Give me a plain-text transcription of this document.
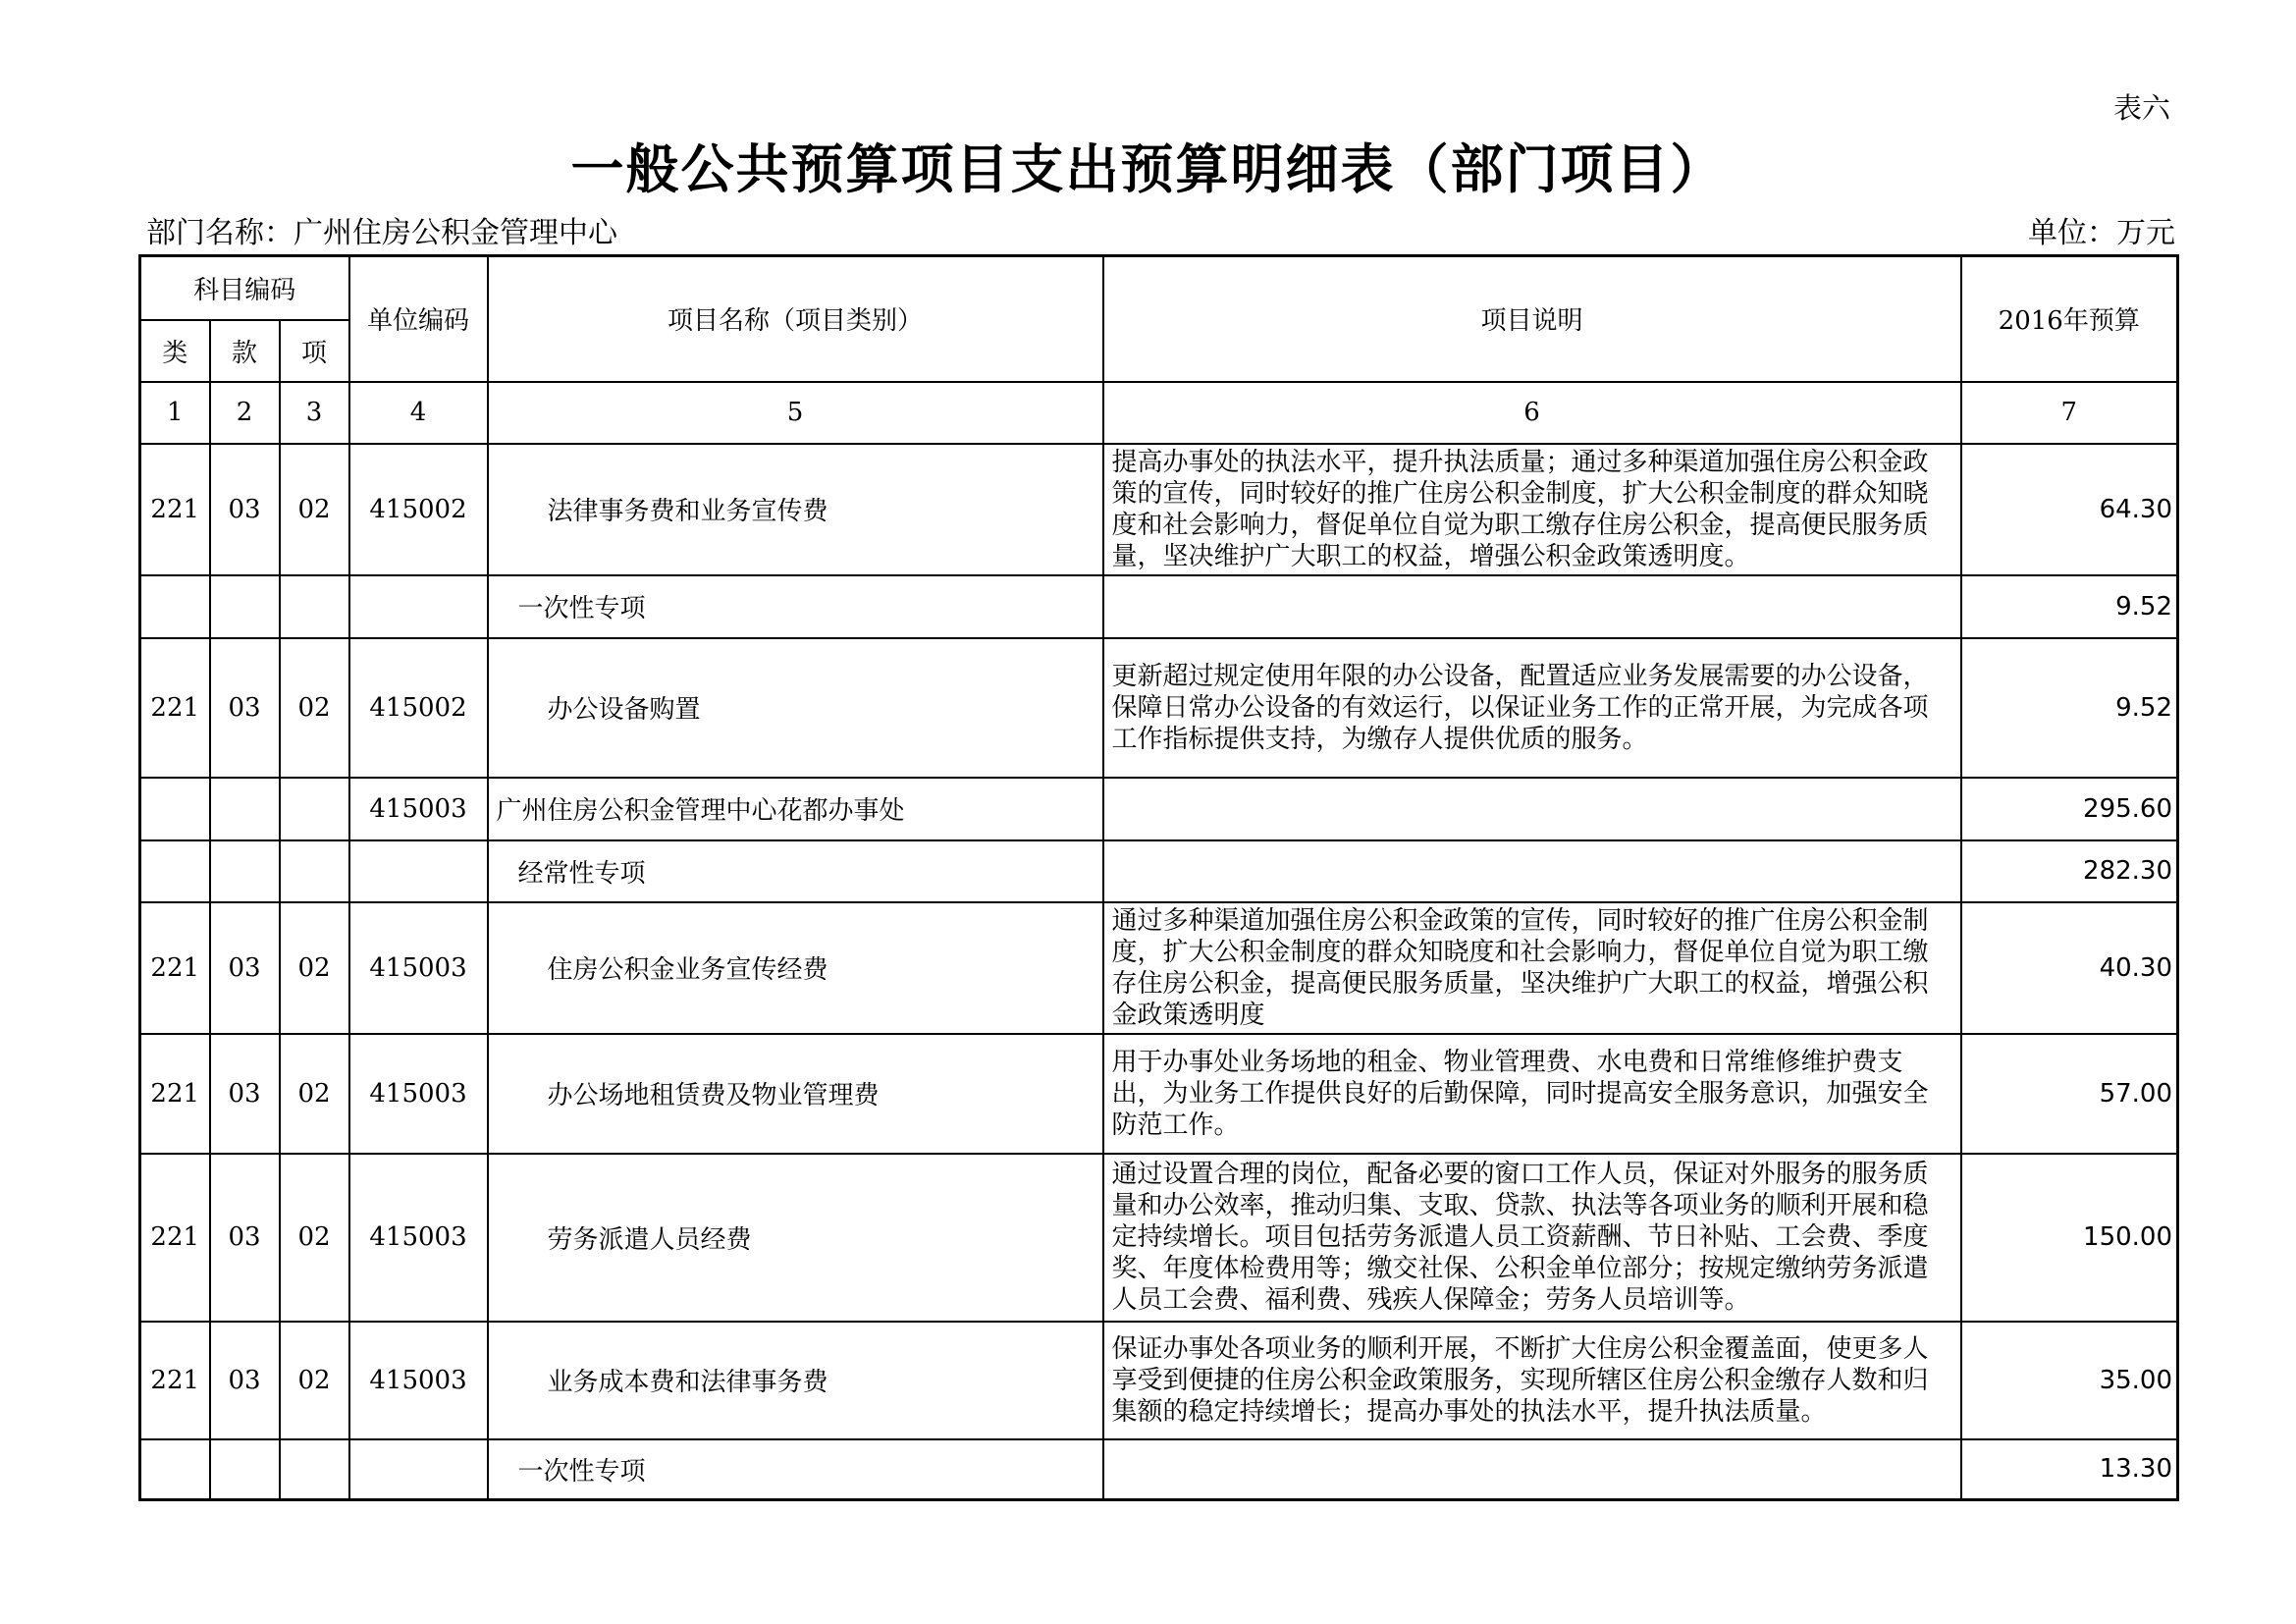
表六
一般公共预算项目支出预算明细表（部门项目）
部门名称：广州住房公积金管理中心	单位：万元
科目编码			单位编码	项目名称（项目类别）	项目说明	2016年预算
类	款	项				
1	2	3	4	5	6	7
221	03	02	415002	法律事务费和业务宣传费	提高办事处的执法水平，提升执法质量；通过多种渠道加强住房公积金政策的宣传，同时较好的推广住房公积金制度，扩大公积金制度的群众知晓度和社会影响力，督促单位自觉为职工缴存住房公积金，提高便民服务质量，坚决维护广大职工的权益，增强公积金政策透明度。	64.30
				一次性专项		9.52
221	03	02	415002	办公设备购置	更新超过规定使用年限的办公设备，配置适应业务发展需要的办公设备，保障日常办公设备的有效运行，以保证业务工作的正常开展，为完成各项工作指标提供支持，为缴存人提供优质的服务。	9.52
			415003	广州住房公积金管理中心花都办事处		295.60
				经常性专项		282.30
221	03	02	415003	住房公积金业务宣传经费	通过多种渠道加强住房公积金政策的宣传，同时较好的推广住房公积金制度，扩大公积金制度的群众知晓度和社会影响力，督促单位自觉为职工缴存住房公积金，提高便民服务质量，坚决维护广大职工的权益，增强公积金政策透明度	40.30
221	03	02	415003	办公场地租赁费及物业管理费	用于办事处业务场地的租金、物业管理费、水电费和日常维修维护费支出，为业务工作提供良好的后勤保障，同时提高安全服务意识，加强安全防范工作。	57.00
221	03	02	415003	劳务派遣人员经费	通过设置合理的岗位，配备必要的窗口工作人员，保证对外服务的服务质量和办公效率，推动归集、支取、贷款、执法等各项业务的顺利开展和稳定持续增长。项目包括劳务派遣人员工资薪酬、节日补贴、工会费、季度奖、年度体检费用等；缴交社保、公积金单位部分；按规定缴纳劳务派遣人员工会费、福利费、残疾人保障金；劳务人员培训等。	150.00
221	03	02	415003	业务成本费和法律事务费	保证办事处各项业务的顺利开展，不断扩大住房公积金覆盖面，使更多人享受到便捷的住房公积金政策服务，实现所辖区住房公积金缴存人数和归集额的稳定持续增长；提高办事处的执法水平，提升执法质量。	35.00
				一次性专项		13.30
